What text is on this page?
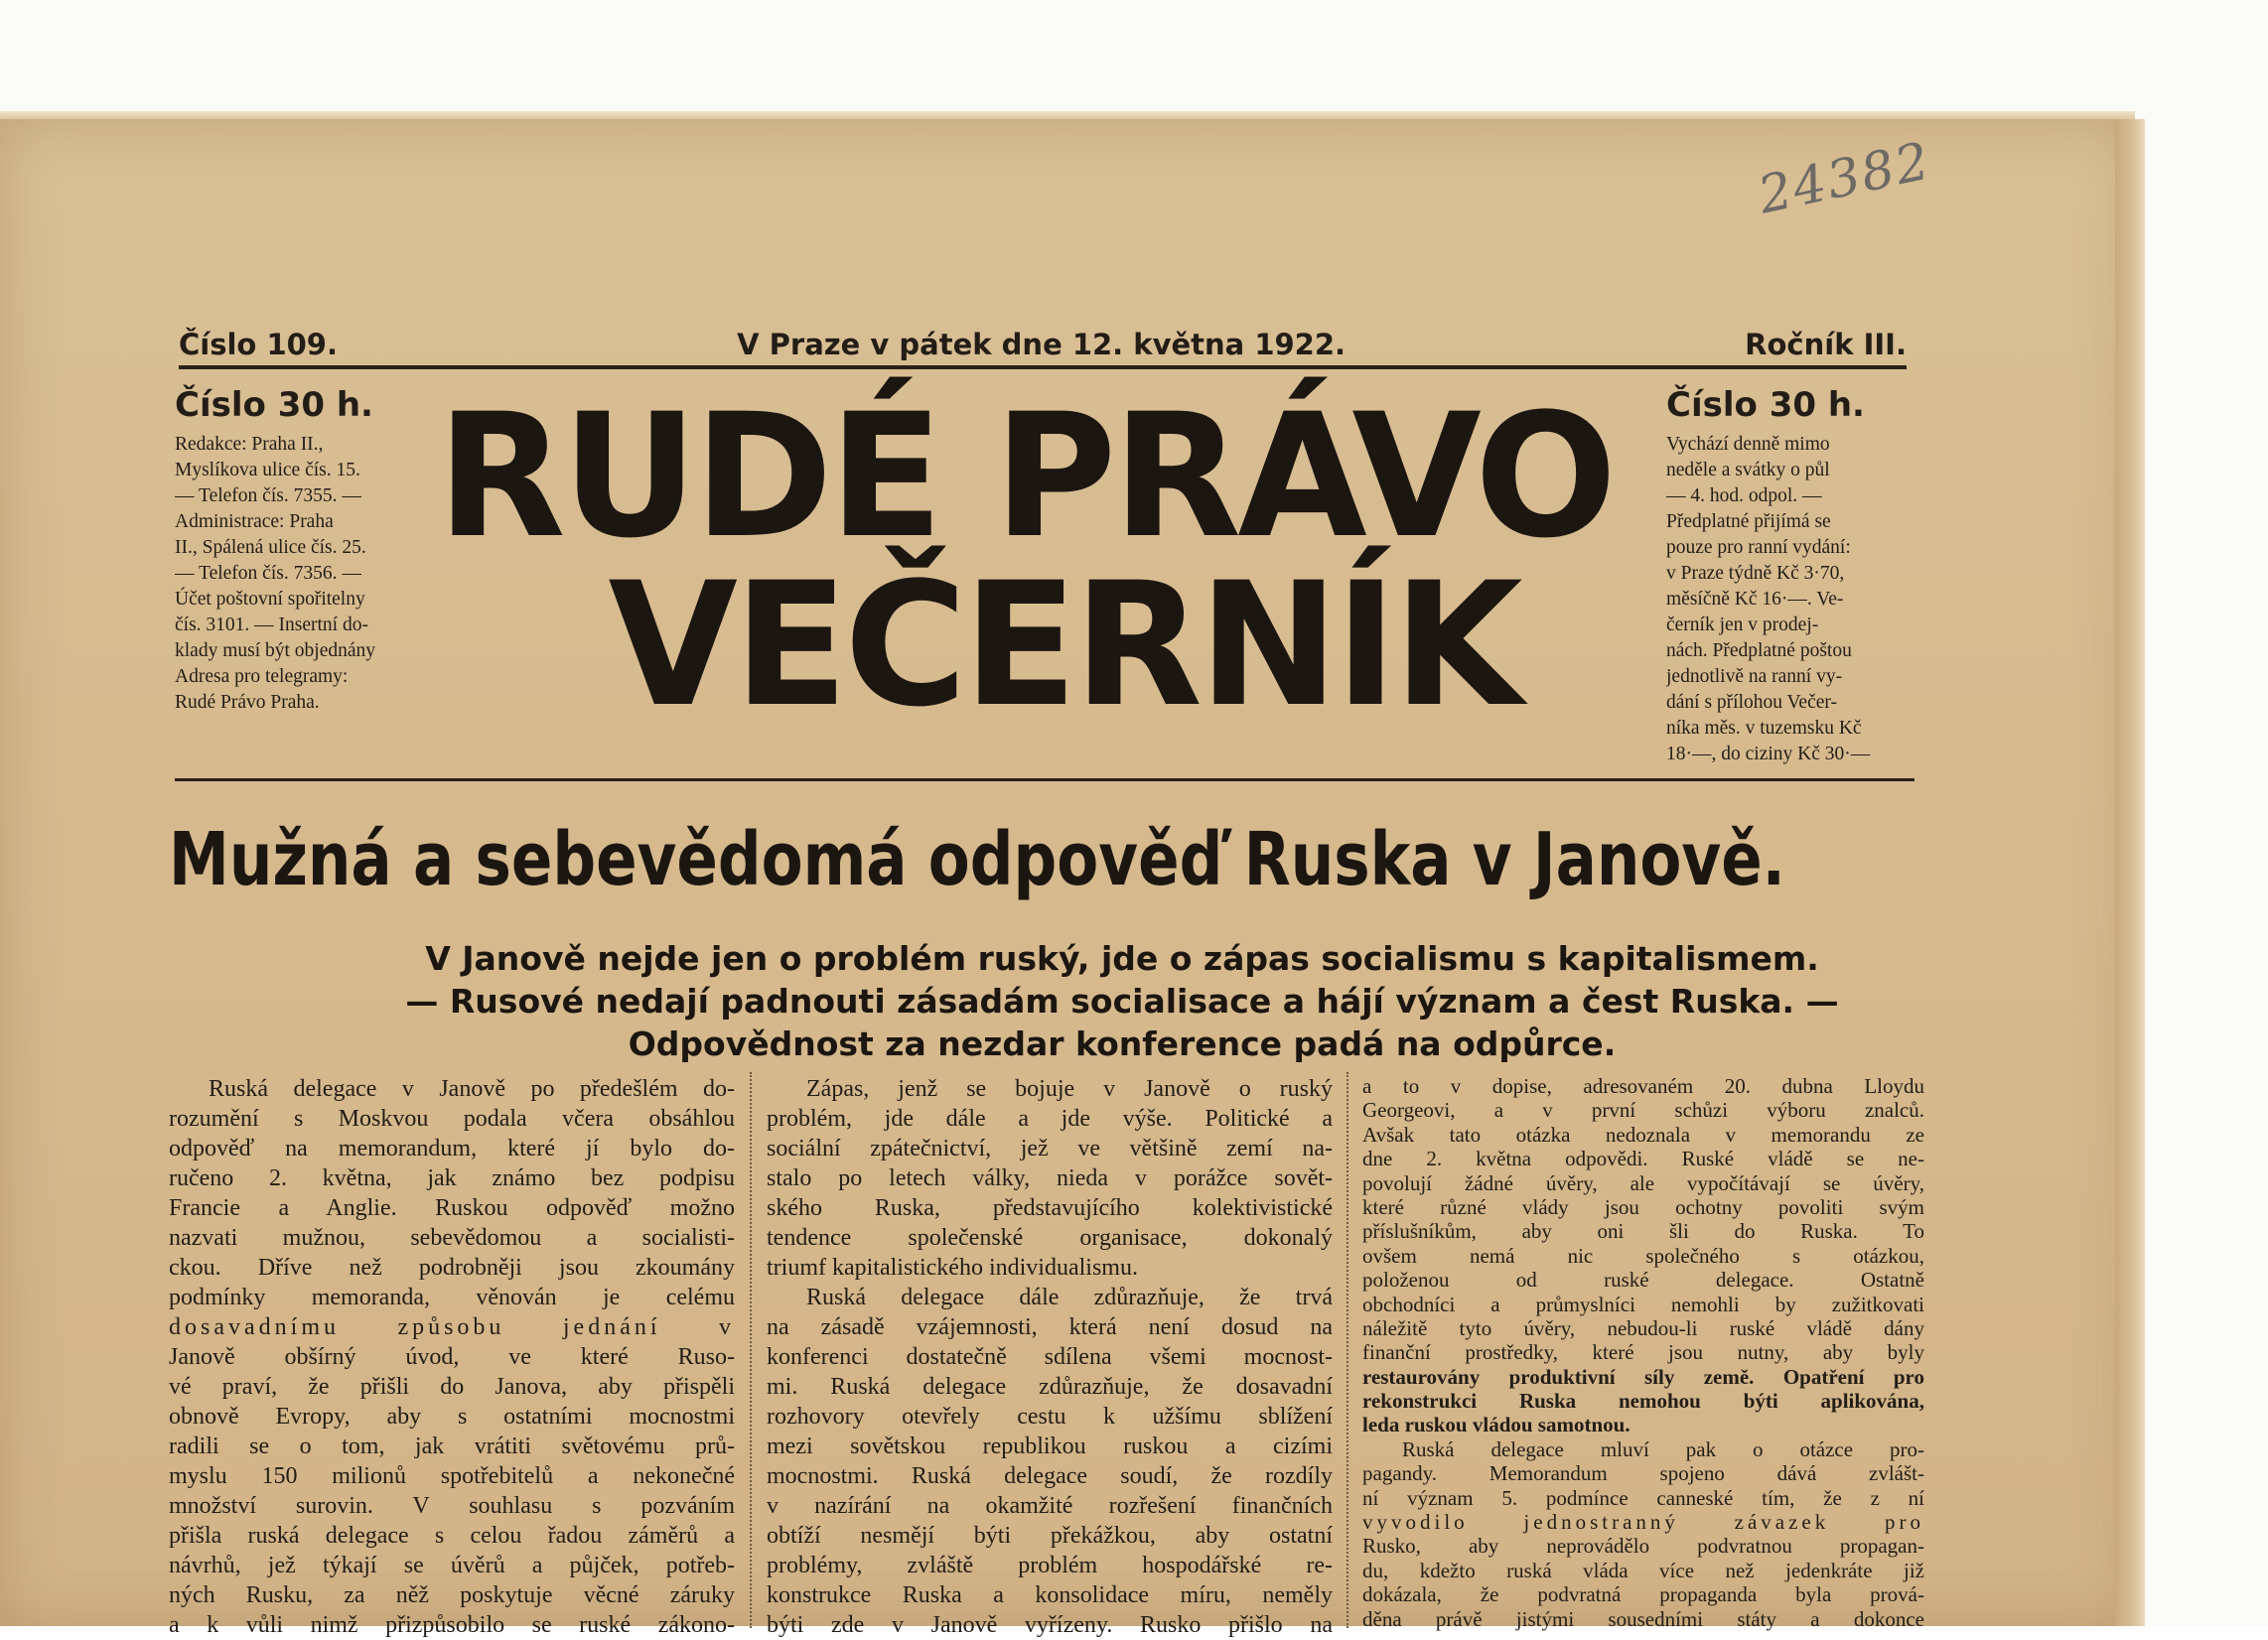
24382
Číslo 109.	V Praze v pátek dne 12. května 1922.	Ročník III.
Číslo 30 h.
Redakce: Praha II.,
Myslíkova ulice čís. 15.
— Telefon čís. 7355. —
Administrace: Praha
II., Spálená ulice čís. 25.
— Telefon čís. 7356. —
Účet poštovní spořitelny
čís. 3101. — Insertní do-
klady musí být objednány
Adresa pro telegramy:
Rudé Právo Praha.
RUDÉ PRÁVO
VEČERNÍK
Číslo 30 h.
Vychází denně mimo
neděle a svátky o půl
— 4. hod. odpol. —
Předplatné přijímá se
pouze pro ranní vydání:
v Praze týdně Kč 3·70,
měsíčně Kč 16·—. Ve-
černík jen v prodej-
nách. Předplatné poštou
jednotlivě na ranní vy-
dání s přílohou Večer-
níka měs. v tuzemsku Kč
18·—, do ciziny Kč 30·—
Mužná a sebevědomá odpověď Ruska v Janově.
V Janově nejde jen o problém ruský, jde o zápas socialismu s kapitalismem.
— Rusové nedají padnouti zásadám socialisace a hájí význam a čest Ruska. —
Odpovědnost za nezdar konference padá na odpůrce.
Ruská delegace v Janově po předešlém do-
rozumění s Moskvou podala včera obsáhlou
odpověď na memorandum, které jí bylo do-
ručeno 2. května, jak známo bez podpisu
Francie a Anglie. Ruskou odpověď možno
nazvati mužnou, sebevědomou a socialisti-
ckou. Dříve než podrobněji jsou zkoumány
podmínky memoranda, věnován je celému
dosavadnímu způsobu jednání v
Janově obšírný úvod, ve které Ruso-
vé praví, že přišli do Janova, aby přispěli
obnově Evropy, aby s ostatními mocnostmi
radili se o tom, jak vrátiti světovému prů-
myslu 150 milionů spotřebitelů a nekonečné
množství surovin. V souhlasu s pozváním
přišla ruská delegace s celou řadou záměrů a
návrhů, jež týkají se úvěrů a půjček, potřeb-
ných Rusku, za něž poskytuje věcné záruky
a k vůli nimž přizpůsobilo se ruské zákono-
Zápas, jenž se bojuje v Janově o ruský
problém, jde dále a jde výše. Politické a
sociální zpátečnictví, jež ve většině zemí na-
stalo po letech války, nieda v porážce sovět-
ského Ruska, představujícího kolektivistické
tendence společenské organisace, dokonalý
triumf kapitalistického individualismu.
Ruská delegace dále zdůrazňuje, že trvá
na zásadě vzájemnosti, která není dosud na
konferenci dostatečně sdílena všemi mocnost-
mi. Ruská delegace zdůrazňuje, že dosavadní
rozhovory otevřely cestu k užšímu sblížení
mezi sovětskou republikou ruskou a cizími
mocnostmi. Ruská delegace soudí, že rozdíly
v nazírání na okamžité rozřešení finančních
obtíží nesmějí býti překážkou, aby ostatní
problémy, zvláště problém hospodářské re-
konstrukce Ruska a konsolidace míru, neměly
býti zde v Janově vyřízeny. Rusko přišlo na
a to v dopise, adresovaném 20. dubna Lloydu
Georgeovi, a v první schůzi výboru znalců.
Avšak tato otázka nedoznala v memorandu ze
dne 2. května odpovědi. Ruské vládě se ne-
povolují žádné úvěry, ale vypočítávají se úvěry,
které různé vlády jsou ochotny povoliti svým
příslušníkům, aby oni šli do Ruska. To
ovšem nemá nic společného s otázkou,
položenou od ruské delegace. Ostatně
obchodníci a průmyslníci nemohli by zužitkovati
náležitě tyto úvěry, nebudou-li ruské vládě dány
finanční prostředky, které jsou nutny, aby byly
restaurovány produktivní síly země. Opatření pro
rekonstrukci Ruska nemohou býti aplikována,
leda ruskou vládou samotnou.
Ruská delegace mluví pak o otázce pro-
pagandy. Memorandum spojeno dává zvlášt-
ní význam 5. podmínce canneské tím, že z ní
vyvodilo jednostranný závazek pro
Rusko, aby neprovádělo podvratnou propagan-
du, kdežto ruská vláda více než jedenkráte již
dokázala, že podvratná propaganda byla prová-
děna právě jistými sousedními státy a dokonce
